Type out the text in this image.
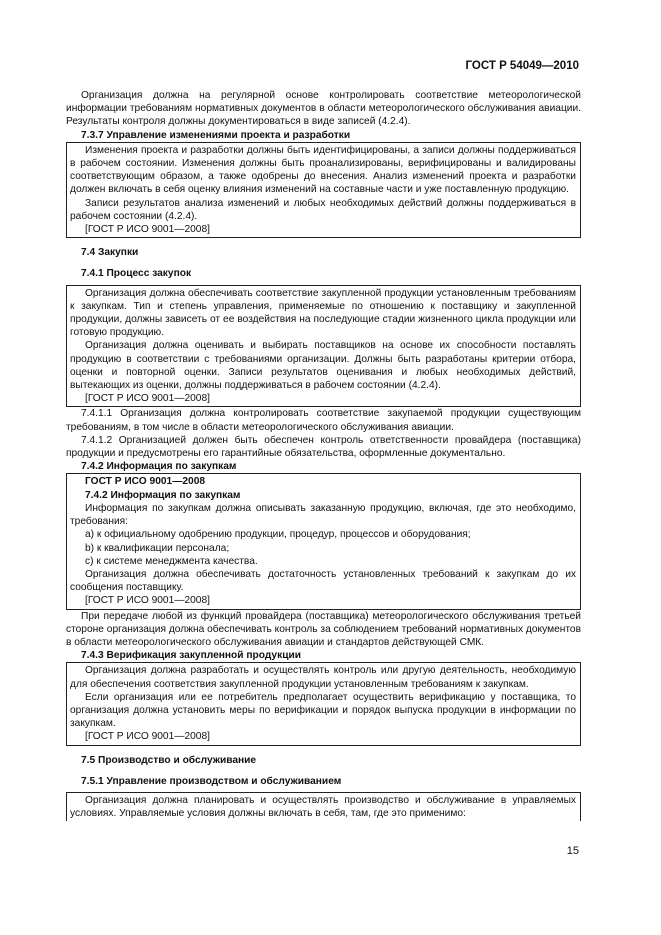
ГОСТ Р 54049—2010

Организация должна на регулярной основе контролировать соответствие метеорологической информации требованиям нормативных документов в области метеорологического обслуживания авиации. Результаты контроля должны документироваться в виде записей (4.2.4).

7.3.7 Управление изменениями проекта и разработки

Изменения проекта и разработки должны быть идентифицированы, а записи должны поддерживаться в рабочем состоянии. Изменения должны быть проанализированы, верифицированы и валидированы соответствующим образом, а также одобрены до внесения. Анализ изменений проекта и разработки должен включать в себя оценку влияния изменений на составные части и уже поставленную продукцию.

Записи результатов анализа изменений и любых необходимых действий должны поддерживаться в рабочем состоянии (4.2.4).

[ГОСТ Р ИСО 9001—2008]

7.4 Закупки
7.4.1 Процесс закупок

Организация должна обеспечивать соответствие закупленной продукции установленным требованиям к закупкам. Тип и степень управления, применяемые по отношению к поставщику и закупленной продукции, должны зависеть от ее воздействия на последующие стадии жизненного цикла продукции или готовую продукцию.

Организация должна оценивать и выбирать поставщиков на основе их способности поставлять продукцию в соответствии с требованиями организации. Должны быть разработаны критерии отбора, оценки и повторной оценки. Записи результатов оценивания и любых необходимых действий, вытекающих из оценки, должны поддерживаться в рабочем состоянии (4.2.4).

[ГОСТ Р ИСО 9001—2008]

7.4.1.1 Организация должна контролировать соответствие закупаемой продукции существующим требованиям, в том числе в области метеорологического обслуживания авиации.

7.4.1.2 Организацией должен быть обеспечен контроль ответственности провайдера (поставщика) продукции и предусмотрены его гарантийные обязательства, оформленные документально.

7.4.2 Информация по закупкам
ГОСТ Р ИСО 9001—2008
7.4.2 Информация по закупкам

Информация по закупкам должна описывать заказанную продукцию, включая, где это необходимо, требования:

а) к официальному одобрению продукции, процедур, процессов и оборудования;

b) к квалификации персонала;

с) к системе менеджмента качества.

Организация должна обеспечивать достаточность установленных требований к закупкам до их сообщения поставщику.

[ГОСТ Р ИСО 9001—2008]

При передаче любой из функций провайдера (поставщика) метеорологического обслуживания третьей стороне организация должна обеспечивать контроль за соблюдением требований нормативных документов в области метеорологического обслуживания авиации и стандартов действующей СМК.

7.4.3 Верификация закупленной продукции

Организация должна разработать и осуществлять контроль или другую деятельность, необходимую для обеспечения соответствия закупленной продукции установленным требованиям к закупкам.

Если организация или ее потребитель предполагает осуществить верификацию у поставщика, то организация должна установить меры по верификации и порядок выпуска продукции в информации по закупкам.

[ГОСТ Р ИСО 9001—2008]

7.5 Производство и обслуживание
7.5.1 Управление производством и обслуживанием

Организация должна планировать и осуществлять производство и обслуживание в управляемых условиях. Управляемые условия должны включать в себя, там, где это применимо:

15
